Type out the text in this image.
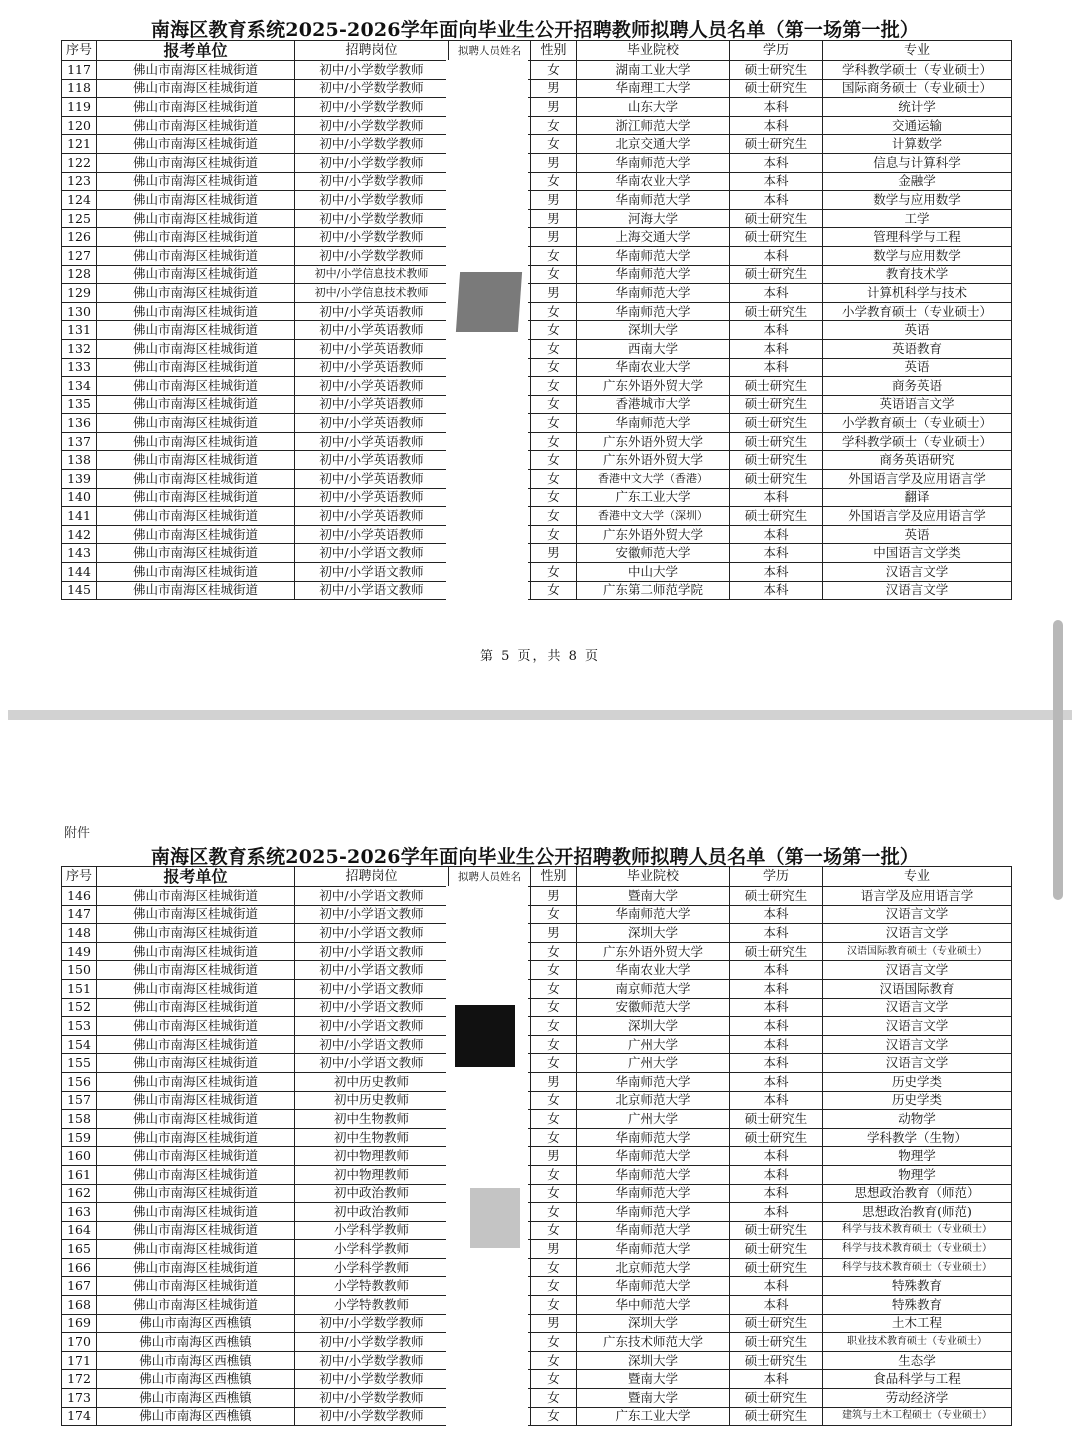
南海区教育系统2025-2026学年面向毕业生公开招聘教师拟聘人员名单（第一场第一批）
序号	报考单位	招聘岗位	拟聘人员姓名	性别	毕业院校	学历	专业
117	佛山市南海区桂城街道	初中/小学数学教师		女	湖南工业大学	硕士研究生	学科教学硕士（专业硕士）
118	佛山市南海区桂城街道	初中/小学数学教师		男	华南理工大学	硕士研究生	国际商务硕士（专业硕士）
119	佛山市南海区桂城街道	初中/小学数学教师		男	山东大学	本科	统计学
120	佛山市南海区桂城街道	初中/小学数学教师		女	浙江师范大学	本科	交通运输
121	佛山市南海区桂城街道	初中/小学数学教师		女	北京交通大学	硕士研究生	计算数学
122	佛山市南海区桂城街道	初中/小学数学教师		男	华南师范大学	本科	信息与计算科学
123	佛山市南海区桂城街道	初中/小学数学教师		女	华南农业大学	本科	金融学
124	佛山市南海区桂城街道	初中/小学数学教师		男	华南师范大学	本科	数学与应用数学
125	佛山市南海区桂城街道	初中/小学数学教师		男	河海大学	硕士研究生	工学
126	佛山市南海区桂城街道	初中/小学数学教师		男	上海交通大学	硕士研究生	管理科学与工程
127	佛山市南海区桂城街道	初中/小学数学教师		女	华南师范大学	本科	数学与应用数学
128	佛山市南海区桂城街道	初中/小学信息技术教师		女	华南师范大学	硕士研究生	教育技术学
129	佛山市南海区桂城街道	初中/小学信息技术教师		男	华南师范大学	本科	计算机科学与技术
130	佛山市南海区桂城街道	初中/小学英语教师		女	华南师范大学	硕士研究生	小学教育硕士（专业硕士）
131	佛山市南海区桂城街道	初中/小学英语教师		女	深圳大学	本科	英语
132	佛山市南海区桂城街道	初中/小学英语教师		女	西南大学	本科	英语教育
133	佛山市南海区桂城街道	初中/小学英语教师		女	华南农业大学	本科	英语
134	佛山市南海区桂城街道	初中/小学英语教师		女	广东外语外贸大学	硕士研究生	商务英语
135	佛山市南海区桂城街道	初中/小学英语教师		女	香港城市大学	硕士研究生	英语语言文学
136	佛山市南海区桂城街道	初中/小学英语教师		女	华南师范大学	硕士研究生	小学教育硕士（专业硕士）
137	佛山市南海区桂城街道	初中/小学英语教师		女	广东外语外贸大学	硕士研究生	学科教学硕士（专业硕士）
138	佛山市南海区桂城街道	初中/小学英语教师		女	广东外语外贸大学	硕士研究生	商务英语研究
139	佛山市南海区桂城街道	初中/小学英语教师		女	香港中文大学（香港）	硕士研究生	外国语言学及应用语言学
140	佛山市南海区桂城街道	初中/小学英语教师		女	广东工业大学	本科	翻译
141	佛山市南海区桂城街道	初中/小学英语教师		女	香港中文大学（深圳）	硕士研究生	外国语言学及应用语言学
142	佛山市南海区桂城街道	初中/小学英语教师		女	广东外语外贸大学	本科	英语
143	佛山市南海区桂城街道	初中/小学语文教师		男	安徽师范大学	本科	中国语言文学类
144	佛山市南海区桂城街道	初中/小学语文教师		女	中山大学	本科	汉语言文学
145	佛山市南海区桂城街道	初中/小学语文教师		女	广东第二师范学院	本科	汉语言文学
第 5 页，共 8 页
附件
南海区教育系统2025-2026学年面向毕业生公开招聘教师拟聘人员名单（第一场第一批）
序号	报考单位	招聘岗位	拟聘人员姓名	性别	毕业院校	学历	专业
146	佛山市南海区桂城街道	初中/小学语文教师		男	暨南大学	硕士研究生	语言学及应用语言学
147	佛山市南海区桂城街道	初中/小学语文教师		女	华南师范大学	本科	汉语言文学
148	佛山市南海区桂城街道	初中/小学语文教师		男	深圳大学	本科	汉语言文学
149	佛山市南海区桂城街道	初中/小学语文教师		女	广东外语外贸大学	硕士研究生	汉语国际教育硕士（专业硕士）
150	佛山市南海区桂城街道	初中/小学语文教师		女	华南农业大学	本科	汉语言文学
151	佛山市南海区桂城街道	初中/小学语文教师		女	南京师范大学	本科	汉语国际教育
152	佛山市南海区桂城街道	初中/小学语文教师		女	安徽师范大学	本科	汉语言文学
153	佛山市南海区桂城街道	初中/小学语文教师		女	深圳大学	本科	汉语言文学
154	佛山市南海区桂城街道	初中/小学语文教师		女	广州大学	本科	汉语言文学
155	佛山市南海区桂城街道	初中/小学语文教师		女	广州大学	本科	汉语言文学
156	佛山市南海区桂城街道	初中历史教师		男	华南师范大学	本科	历史学类
157	佛山市南海区桂城街道	初中历史教师		女	北京师范大学	本科	历史学类
158	佛山市南海区桂城街道	初中生物教师		女	广州大学	硕士研究生	动物学
159	佛山市南海区桂城街道	初中生物教师		女	华南师范大学	硕士研究生	学科教学（生物）
160	佛山市南海区桂城街道	初中物理教师		男	华南师范大学	本科	物理学
161	佛山市南海区桂城街道	初中物理教师		女	华南师范大学	本科	物理学
162	佛山市南海区桂城街道	初中政治教师		女	华南师范大学	本科	思想政治教育（师范）
163	佛山市南海区桂城街道	初中政治教师		女	华南师范大学	本科	思想政治教育(师范)
164	佛山市南海区桂城街道	小学科学教师		女	华南师范大学	硕士研究生	科学与技术教育硕士（专业硕士）
165	佛山市南海区桂城街道	小学科学教师		男	华南师范大学	硕士研究生	科学与技术教育硕士（专业硕士）
166	佛山市南海区桂城街道	小学科学教师		女	北京师范大学	硕士研究生	科学与技术教育硕士（专业硕士）
167	佛山市南海区桂城街道	小学特教教师		女	华南师范大学	本科	特殊教育
168	佛山市南海区桂城街道	小学特教教师		女	华中师范大学	本科	特殊教育
169	佛山市南海区西樵镇	初中/小学数学教师		男	深圳大学	硕士研究生	土木工程
170	佛山市南海区西樵镇	初中/小学数学教师		女	广东技术师范大学	硕士研究生	职业技术教育硕士（专业硕士）
171	佛山市南海区西樵镇	初中/小学数学教师		女	深圳大学	硕士研究生	生态学
172	佛山市南海区西樵镇	初中/小学数学教师		女	暨南大学	本科	食品科学与工程
173	佛山市南海区西樵镇	初中/小学数学教师		女	暨南大学	硕士研究生	劳动经济学
174	佛山市南海区西樵镇	初中/小学数学教师		女	广东工业大学	硕士研究生	建筑与土木工程硕士（专业硕士）
